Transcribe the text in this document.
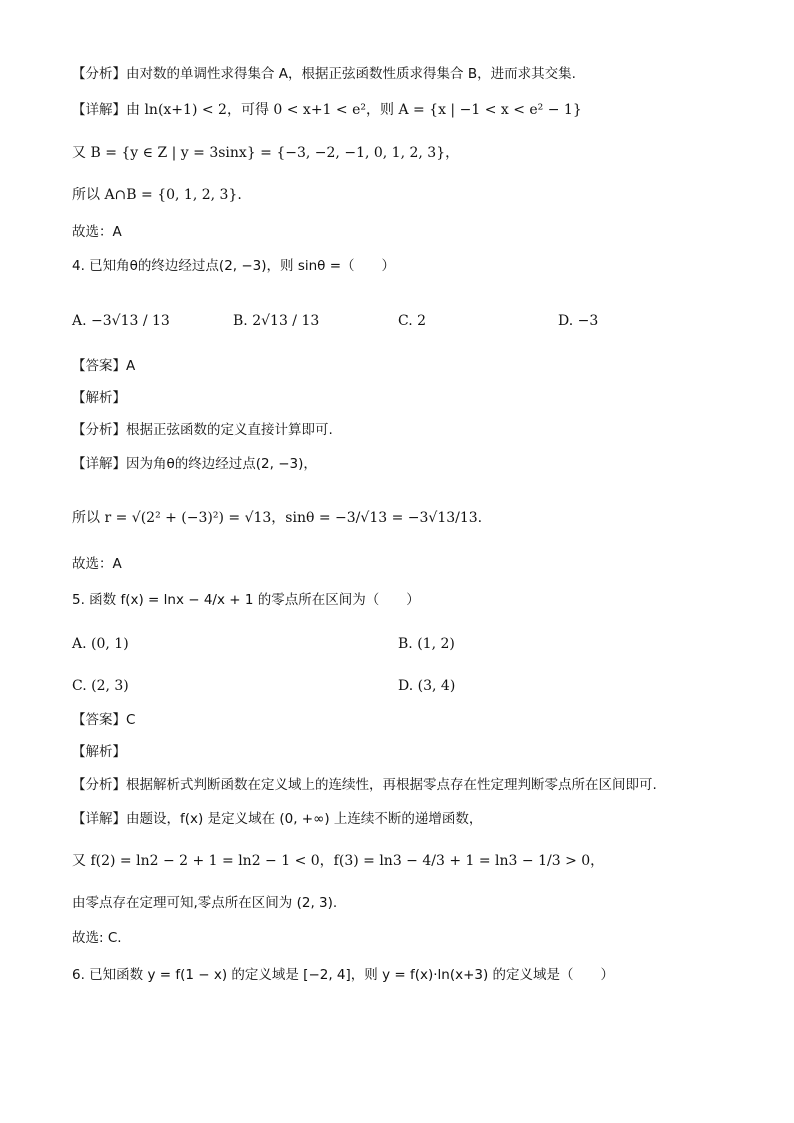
【分析】由对数的单调性求得集合 A，根据正弦函数性质求得集合 B，进而求其交集.
【详解】由 ln(x+1) < 2，可得 0 < x+1 < e²，则 A = {x | −1 < x < e² − 1}
又 B = {y ∈ Z | y = 3sinx} = {−3, −2, −1, 0, 1, 2, 3}，
所以 A∩B = {0, 1, 2, 3}.
故选：A
4. 已知角θ的终边经过点(2, −3)，则 sinθ =（　　）
A. −3√13 / 13	B. 2√13 / 13	C. 2	D. −3
【答案】A
【解析】
【分析】根据正弦函数的定义直接计算即可.
【详解】因为角θ的终边经过点(2, −3)，
所以 r = √(2² + (−3)²) = √13，sinθ = −3/√13 = −3√13/13.
故选：A
5. 函数 f(x) = lnx − 4/x + 1 的零点所在区间为（　　）
A. (0, 1)	B. (1, 2)
C. (2, 3)	D. (3, 4)
【答案】C
【解析】
【分析】根据解析式判断函数在定义域上的连续性，再根据零点存在性定理判断零点所在区间即可.
【详解】由题设，f(x) 是定义域在 (0, +∞) 上连续不断的递增函数，
又 f(2) = ln2 − 2 + 1 = ln2 − 1 < 0，f(3) = ln3 − 4/3 + 1 = ln3 − 1/3 > 0，
由零点存在定理可知,零点所在区间为 (2, 3).
故选: C.
6. 已知函数 y = f(1 − x) 的定义域是 [−2, 4]，则 y = f(x)·ln(x+3) 的定义域是（　　）
